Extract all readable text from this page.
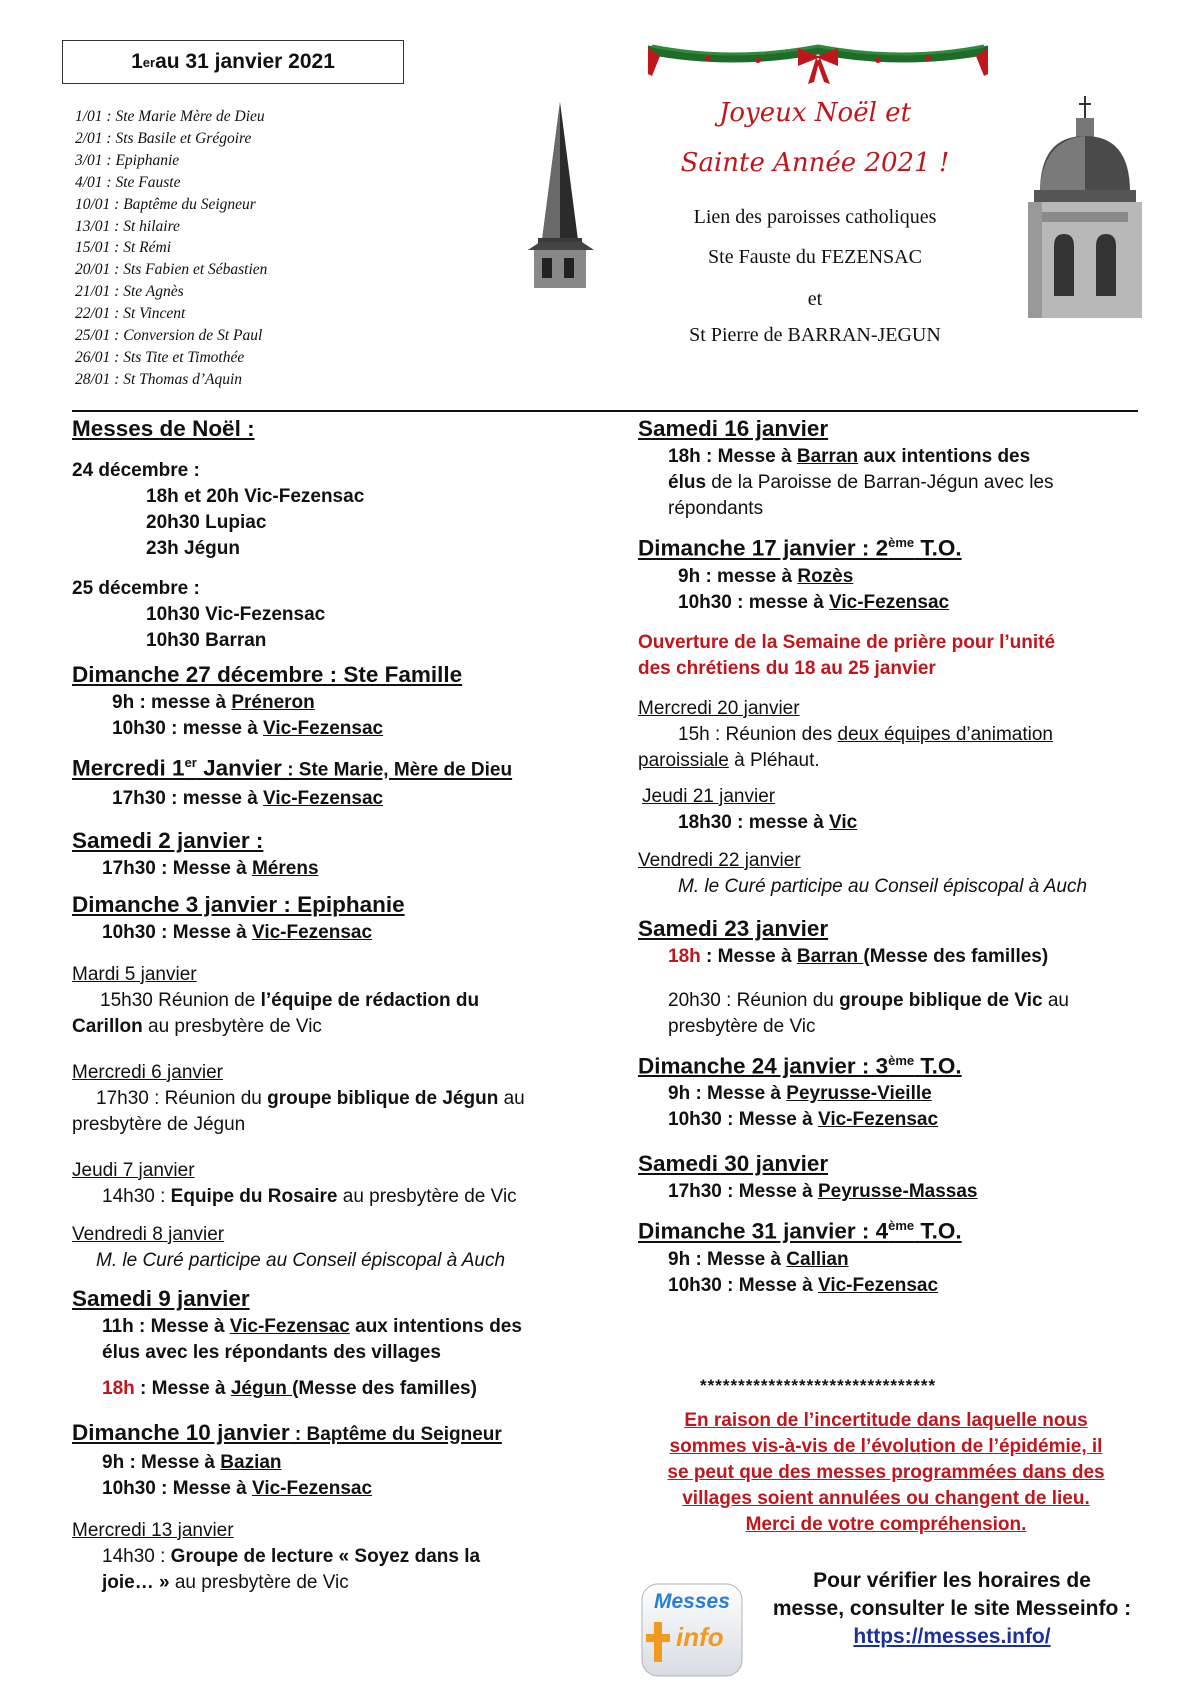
1 er au 31 janvier 2021
1/01 : Ste Marie Mère de Dieu
2/01 : Sts Basile et Grégoire
3/01 : Epiphanie
4/01 : Ste Fauste
10/01 : Baptême du Seigneur
13/01 : St hilaire
15/01 : St Rémi
20/01 : Sts Fabien et Sébastien
21/01 : Ste Agnès
22/01 : St Vincent
25/01 : Conversion de St Paul
26/01 : Sts Tite et Timothée
28/01 : St Thomas d’Aquin
Joyeux Noël et
Sainte Année 2021 !
Lien des paroisses catholiques
Ste Fauste du FEZENSAC
et
St Pierre de BARRAN-JEGUN
Messes de Noël :
24 décembre :
18h et 20h Vic-Fezensac
20h30 Lupiac
23h Jégun
25 décembre :
10h30 Vic-Fezensac
10h30 Barran
Dimanche 27 décembre : Ste Famille
9h : messe à Préneron
10h30 : messe à Vic-Fezensac
Mercredi 1er Janvier : Ste Marie, Mère de Dieu
17h30 : messe à Vic-Fezensac
Samedi 2 janvier :
17h30 : Messe à Mérens
Dimanche 3 janvier : Epiphanie
10h30 : Messe à Vic-Fezensac
Mardi 5 janvier
15h30 Réunion de l’équipe de rédaction du
Carillon au presbytère de Vic
Mercredi 6 janvier
17h30 : Réunion du groupe biblique de Jégun au
presbytère de Jégun
Jeudi 7 janvier
14h30 : Equipe du Rosaire au presbytère de Vic
Vendredi 8 janvier
M. le Curé participe au Conseil épiscopal à Auch
Samedi 9 janvier
11h : Messe à Vic-Fezensac aux intentions des
élus avec les répondants des villages
18h : Messe à Jégun (Messe des familles)
Dimanche 10 janvier : Baptême du Seigneur
9h : Messe à Bazian
10h30 : Messe à Vic-Fezensac
Mercredi 13 janvier
14h30 : Groupe de lecture « Soyez dans la
joie… » au presbytère de Vic
Samedi 16 janvier
18h : Messe à Barran aux intentions des
élus de la Paroisse de Barran-Jégun avec les
répondants
Dimanche 17 janvier : 2ème T.O.
9h : messe à Rozès
10h30 : messe à Vic-Fezensac
Ouverture de la Semaine de prière pour l’unité
des chrétiens du 18 au 25 janvier
Mercredi 20 janvier
15h : Réunion des deux équipes d’animation
paroissiale à Pléhaut.
Jeudi 21 janvier
18h30 : messe à Vic
Vendredi 22 janvier
M. le Curé participe au Conseil épiscopal à Auch
Samedi 23 janvier
18h : Messe à Barran (Messe des familles)
20h30 : Réunion du groupe biblique de Vic au
presbytère de Vic
Dimanche 24 janvier : 3ème T.O.
9h : Messe à Peyrusse-Vieille
10h30 : Messe à Vic-Fezensac
Samedi 30 janvier
17h30 : Messe à Peyrusse-Massas
Dimanche 31 janvier : 4ème T.O.
9h : Messe à Callian
10h30 : Messe à Vic-Fezensac
*******************************
En raison de l’incertitude dans laquelle nous
sommes vis-à-vis de l’évolution de l’épidémie, il
se peut que des messes programmées dans des
villages soient annulées ou changent de lieu.
Merci de votre compréhension.
Messes
info
Pour vérifier les horaires de
messe, consulter le site Messeinfo :
https://messes.info/
